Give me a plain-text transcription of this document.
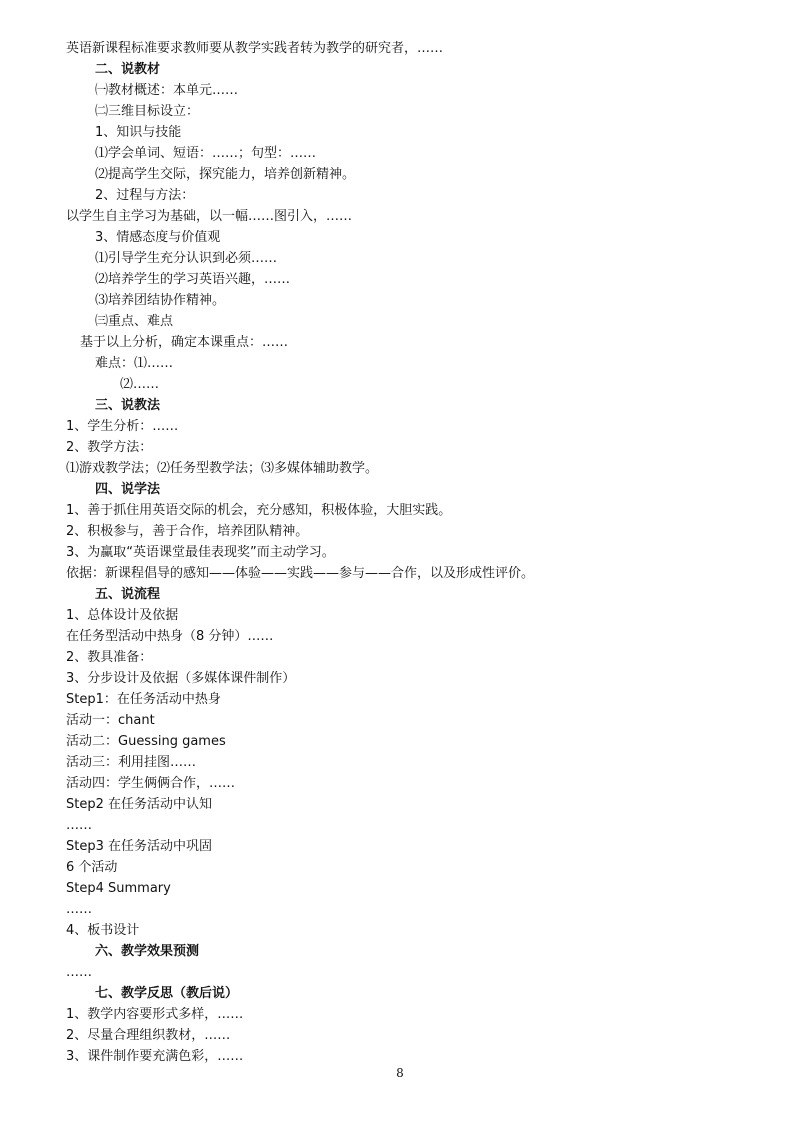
英语新课程标准要求教师要从教学实践者转为教学的研究者，……
二、说教材
㈠教材概述：本单元……
㈡三维目标设立：
1、知识与技能
⑴学会单词、短语：……；句型：……
⑵提高学生交际，探究能力，培养创新精神。
2、过程与方法：
以学生自主学习为基础，以一幅……图引入，……
3、情感态度与价值观
⑴引导学生充分认识到必须……
⑵培养学生的学习英语兴趣，……
⑶培养团结协作精神。
㈢重点、难点
基于以上分析，确定本课重点：……
难点：⑴……
⑵……
三、说教法
1、学生分析：……
2、教学方法：
⑴游戏教学法；⑵任务型教学法；⑶多媒体辅助教学。
四、说学法
1、善于抓住用英语交际的机会，充分感知，积极体验，大胆实践。
2、积极参与，善于合作，培养团队精神。
3、为赢取“英语课堂最佳表现奖”而主动学习。
依据：新课程倡导的感知——体验——实践——参与——合作，以及形成性评价。
五、说流程
1、总体设计及依据
在任务型活动中热身（8 分钟）……
2、教具准备：
3、分步设计及依据（多媒体课件制作）
Step1：在任务活动中热身
活动一：chant
活动二：Guessing games
活动三：利用挂图……
活动四：学生俩俩合作，……
Step2 在任务活动中认知
……
Step3 在任务活动中巩固
6 个活动
Step4 Summary
……
4、板书设计
六、教学效果预测
……
七、教学反思（教后说）
1、教学内容要形式多样，……
2、尽量合理组织教材，……
3、课件制作要充满色彩，……
8
